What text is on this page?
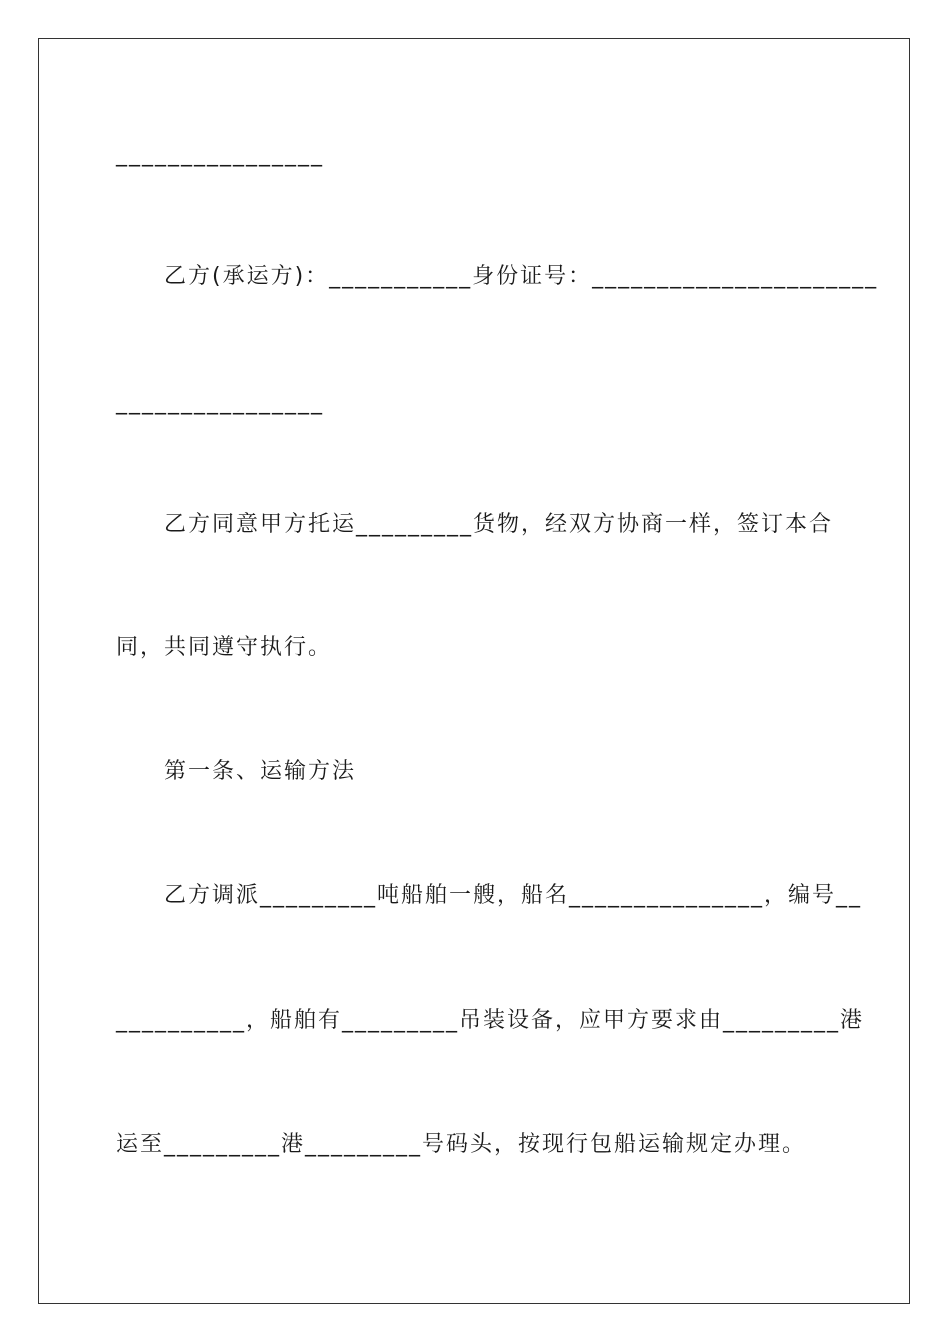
________________
乙方(承运方)：___________身份证号：______________________
________________
乙方同意甲方托运_________货物，经双方协商一样，签订本合
同，共同遵守执行。
第一条、运输方法
乙方调派_________吨船舶一艘，船名_______________，编号__
__________，船舶有_________吊装设备，应甲方要求由_________港
运至_________港_________号码头，按现行包船运输规定办理。
